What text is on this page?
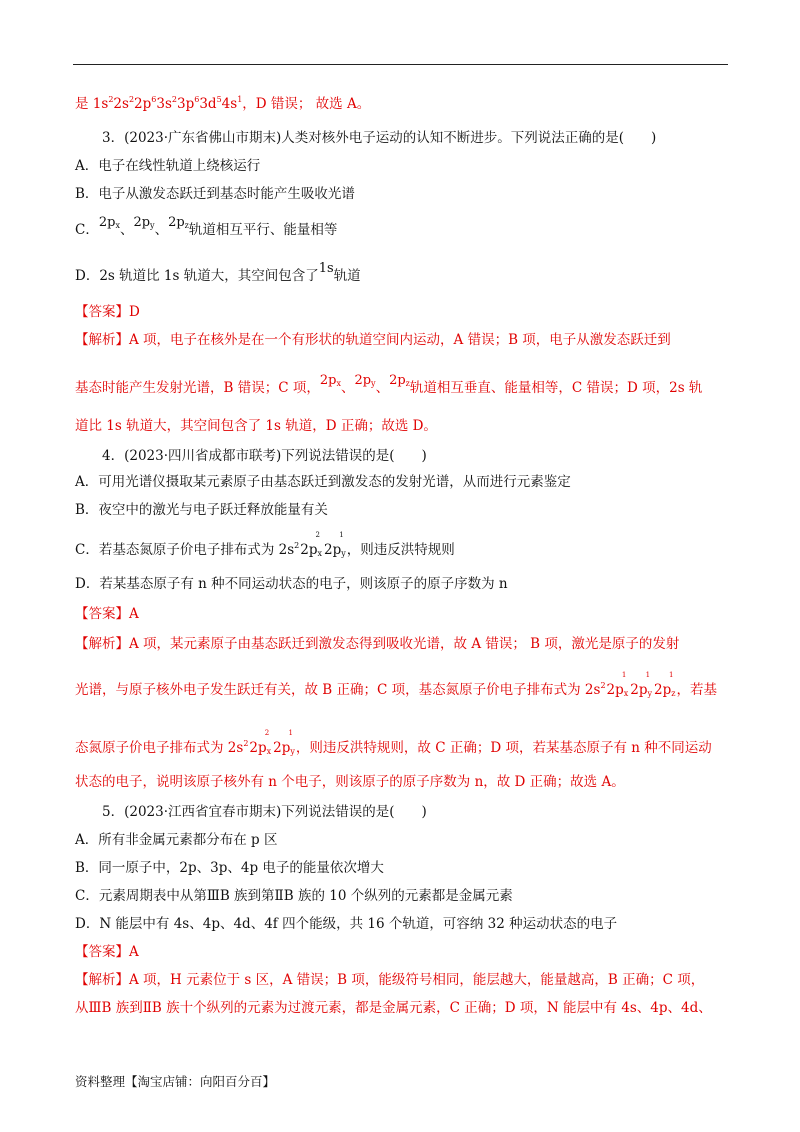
是 $1s^22s^22p^63s^23p^63d^54s^1$，D 错误； 故选 A。
3．(2023·广东省佛山市期末)人类对核外电子运动的认知不断进步。下列说法正确的是(　　)
A．电子在线性轨道上绕核运行
B．电子从激发态跃迁到基态时能产生吸收光谱
C．$2p_x$、$2p_y$、$2p_z$轨道相互平行、能量相等
D．2s 轨道比 1s 轨道大，其空间包含了1s轨道
【答案】D
【解析】A 项，电子在核外是在一个有形状的轨道空间内运动，A 错误；B 项，电子从激发态跃迁到
基态时能产生发射光谱，B 错误；C 项，$2p_x$、$2p_y$、$2p_z$轨道相互垂直、能量相等，C 错误；D 项，2s 轨
道比 1s 轨道大，其空间包含了 1s 轨道，D 正确；故选 D。
4．(2023·四川省成都市联考)下列说法错误的是(　　)
A．可用光谱仪摄取某元素原子由基态跃迁到激发态的发射光谱，从而进行元素鉴定
B．夜空中的激光与电子跃迁释放能量有关
C．若基态氮原子价电子排布式为 $2s^22p_x$
2
$2p_y$
1
，则违反洪特规则
D．若某基态原子有 n 种不同运动状态的电子，则该原子的原子序数为 n
【答案】A
【解析】A 项，某元素原子由基态跃迁到激发态得到吸收光谱，故 A 错误； B 项，激光是原子的发射
光谱，与原子核外电子发生跃迁有关，故 B 正确；C 项，基态氮原子价电子排布式为 $2s^22p_x$
1
$2p_y$
1
$2p_z$
1
，若基
态氮原子价电子排布式为 $2s^22p_x$
2
$2p_y$
1
，则违反洪特规则，故 C 正确；D 项，若某基态原子有 n 种不同运动
状态的电子，说明该原子核外有 n 个电子，则该原子的原子序数为 n，故 D 正确；故选 A。
5．(2023·江西省宜春市期末)下列说法错误的是(　　)
A．所有非金属元素都分布在 p 区
B．同一原子中，2p、3p、4p 电子的能量依次增大
C．元素周期表中从第ⅢB 族到第ⅡB 族的 10 个纵列的元素都是金属元素
D．N 能层中有 4s、4p、4d、4f 四个能级，共 16 个轨道，可容纳 32 种运动状态的电子
【答案】A
【解析】A 项，H 元素位于 s 区，A 错误；B 项，能级符号相同，能层越大，能量越高，B 正确；C 项，
从ⅢB 族到ⅡB 族十个纵列的元素为过渡元素，都是金属元素，C 正确；D 项，N 能层中有 4s、4p、4d、
资料整理【淘宝店铺：向阳百分百】
